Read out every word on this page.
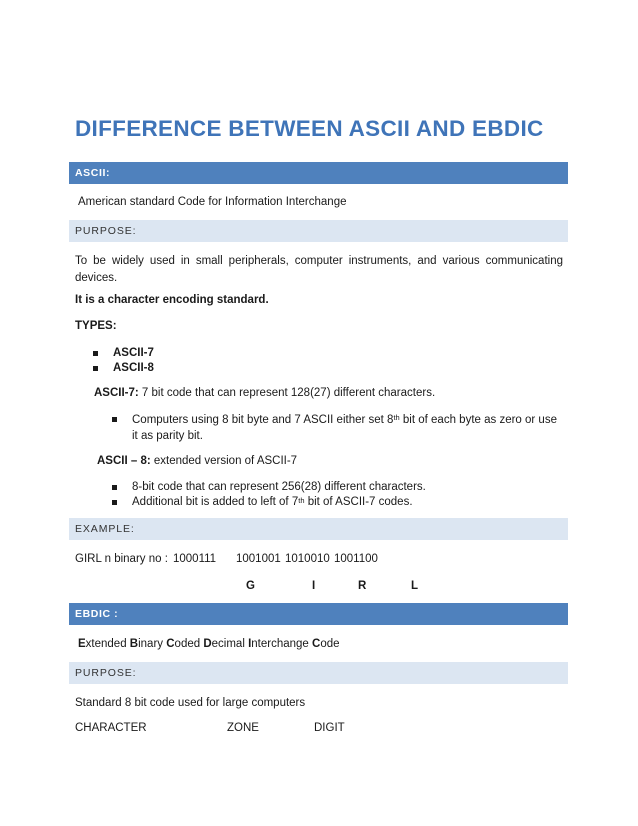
DIFFERENCE BETWEEN ASCII AND EBDIC
ASCII:
American standard Code for Information Interchange
PURPOSE:
To be widely used in small peripherals, computer instruments, and various communicating devices.
It is a character encoding standard.
TYPES:
ASCII-7
ASCII-8
ASCII-7: 7 bit code that can represent 128(27) different characters.
Computers using 8 bit byte and 7 ASCII either set 8th bit of each byte as zero or use it as parity bit.
ASCII – 8: extended version of ASCII-7
8-bit code that can represent 256(28) different characters.
Additional bit is added to left of 7th bit of ASCII-7 codes.
EXAMPLE:
GIRL n binary no : 1000111 1001001 1010010 1001100
G	I	R	L
EBDIC :
Extended Binary Coded Decimal Interchange Code
PURPOSE:
Standard 8 bit code used for large computers
CHARACTER	ZONE	DIGIT
